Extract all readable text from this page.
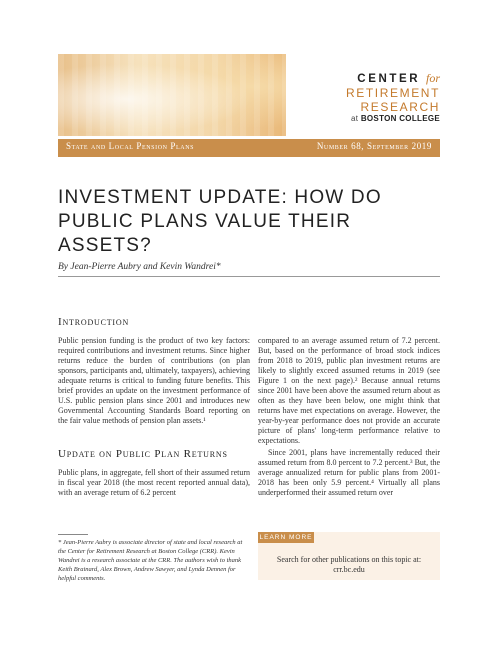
CENTER for
RETIREMENT
RESEARCH
at BOSTON COLLEGE
State and Local Pension Plans	Number 68, September 2019
INVESTMENT UPDATE: HOW DO
PUBLIC PLANS VALUE THEIR ASSETS?
By Jean-Pierre Aubry and Kevin Wandrei*
Introduction
Public pension funding is the product of two key factors: required contributions and investment returns. Since higher returns reduce the burden of contributions (on plan sponsors, participants and, ultimately, taxpayers), achieving adequate returns is critical to funding future benefits. This brief provides an update on the investment performance of U.S. public pension plans since 2001 and introduces new Governmental Accounting Standards Board reporting on the fair value methods of pension plan assets.¹
Update on Public Plan Returns
Public plans, in aggregate, fell short of their assumed return in fiscal year 2018 (the most recent reported annual data), with an average return of 6.2 percent
compared to an average assumed return of 7.2 percent. But, based on the performance of broad stock indices from 2018 to 2019, public plan investment returns are likely to slightly exceed assumed returns in 2019 (see Figure 1 on the next page).² Because annual returns since 2001 have been above the assumed return about as often as they have been below, one might think that returns have met expectations on average. However, the year-by-year performance does not provide an accurate picture of plans' long-term performance relative to expectations.
Since 2001, plans have incrementally reduced their assumed return from 8.0 percent to 7.2 percent.³ But, the average annualized return for public plans from 2001-2018 has been only 5.9 percent.⁴ Virtually all plans underperformed their assumed return over
* Jean-Pierre Aubry is associate director of state and local research at the Center for Retirement Research at Boston College (CRR). Kevin Wandrei is a research associate at the CRR. The authors wish to thank Keith Brainard, Alex Brown, Andrew Sawyer, and Lynda Dennen for helpful comments.
LEARN MORE
Search for other publications on this topic at:
crr.bc.edu
